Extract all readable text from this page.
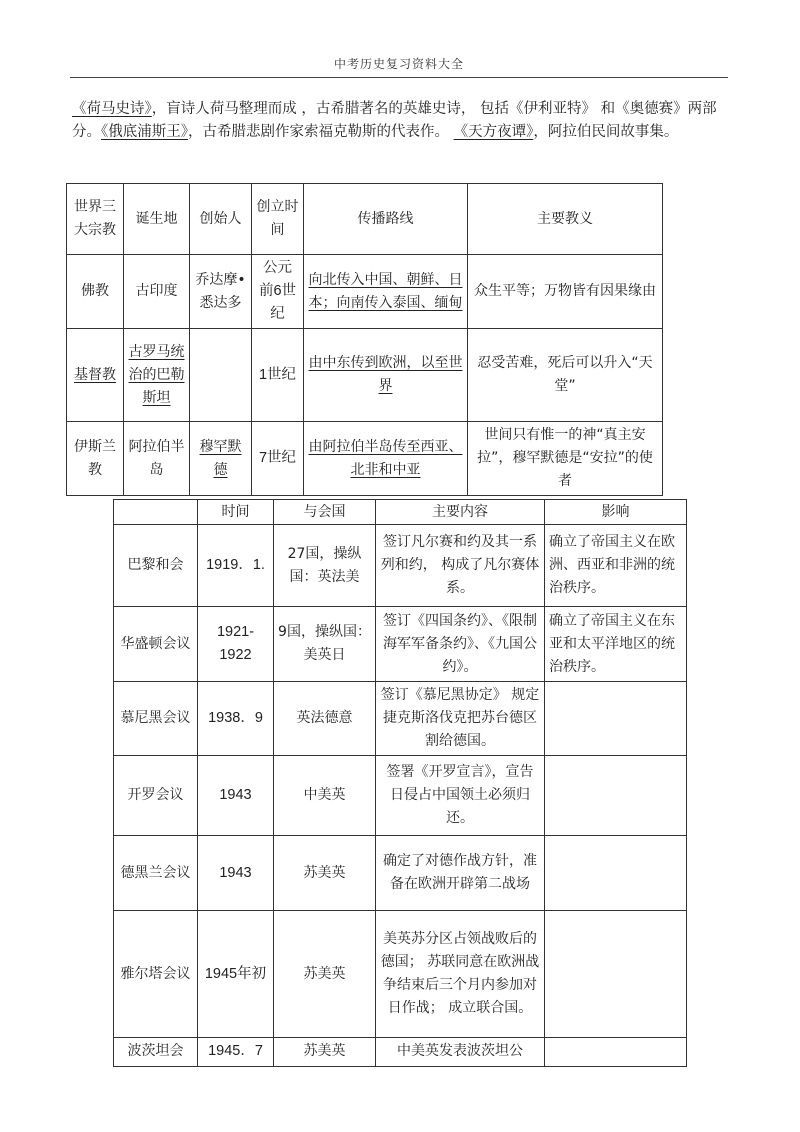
中考历史复习资料大全
《荷马史诗》，盲诗人荷马整理而成 ，古希腊著名的英雄史诗， 包括《伊利亚特》 和《奥德赛》两部分。《俄底浦斯王》，古希腊悲剧作家索福克勒斯的代表作。 《天方夜谭》，阿拉伯民间故事集。
世界三大宗教	诞生地	创始人	创立时间	传播路线	主要教义
佛教	古印度	乔达摩•悉达多	公元前6世纪	向北传入中国、朝鲜、日本；向南传入泰国、缅甸	众生平等；万物皆有因果缘由
基督教	古罗马统治的巴勒斯坦		1世纪	由中东传到欧洲，以至世界	忍受苦难，死后可以升入“天堂”
伊斯兰教	阿拉伯半岛	穆罕默德	7世纪	由阿拉伯半岛传至西亚、北非和中亚	世间只有惟一的神“真主安拉”，穆罕默德是“安拉”的使者
	时间	与会国	主要内容	影响
巴黎和会	1919．1.	27国，操纵国：英法美	签订凡尔赛和约及其一系列和约， 构成了凡尔赛体系。	确立了帝国主义在欧洲、西亚和非洲的统治秩序。
华盛顿会议	1921-1922	9国，操纵国：美英日	签订《四国条约》、《限制海军军备条约》、《九国公约》。	确立了帝国主义在东亚和太平洋地区的统治秩序。
慕尼黑会议	1938．9	英法德意	签订《慕尼黑协定》 规定捷克斯洛伐克把苏台德区割给德国。	
开罗会议	1943	中美英	签署《开罗宣言》，宣告日侵占中国领土必须归还。	
德黑兰会议	1943	苏美英	确定了对德作战方针，准备在欧洲开辟第二战场	
雅尔塔会议	1945年初	苏美英	美英苏分区占领战败后的德国； 苏联同意在欧洲战争结束后三个月内参加对日作战； 成立联合国。	
波茨坦会	1945．7	苏美英	中美英发表波茨坦公	
